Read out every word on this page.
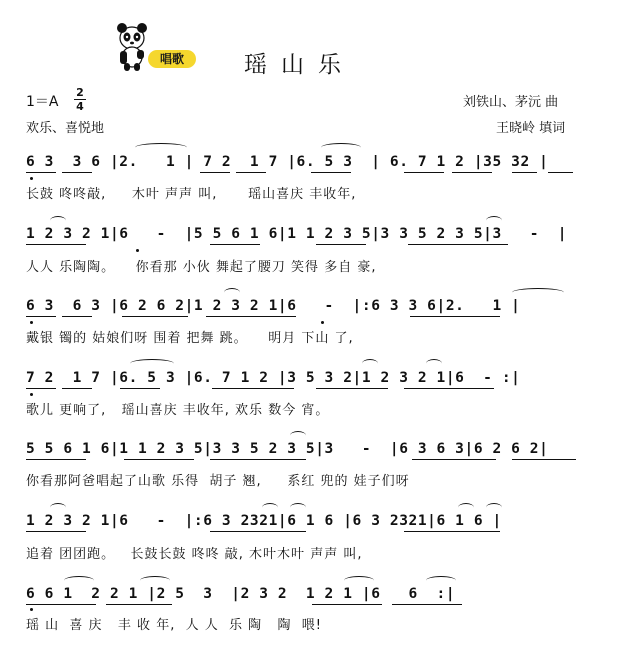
唱歌	瑶山乐
$1=A \frac{2}{4}$
欢乐、喜悦地
刘铁山、茅沅 曲
王晓岭 填词
6 3  3 6 |2.   1 | 7 2  1 7 |6. 5 3  | 6. 7 1 2 |35 32 |
长鼓 咚咚敲,     木叶 声声 叫,      瑶山喜庆 丰收年,
1 2 3 2 1|6   -  |5 5 6 1 6|1 1 2 3 5|3 3 5 2 3 5|3   -  |
人人 乐陶陶。    你看那 小伙 舞起了腰刀 笑得 多自 豪,
6 3  6 3 |6 2 6 2|1 2 3 2 1|6   -  |:6 3 3 6|2.   1 |
戴银 镯的 姑娘们呀 围着 把舞 跳。    明月 下山 了,
7 2  1 7 |6. 5 3 |6. 7 1 2 |3 5 3 2|1 2 3 2 1|6  - :|
歌儿 更响了,   瑶山喜庆 丰收年, 欢乐 数今 宵。
5 5 6 1 6|1 1 2 3 5|3 3 5 2 3 5|3   -  |6 3 6 3|6 2 6 2|
你看那阿爸唱起了山歌 乐得  胡子 翘,     系红 兜的 娃子们呀
1 2 3 2 1|6   -  |:6 3 2321|6 1 6 |6 3 2321|6 1 6 |
追着 团团跑。   长鼓长鼓 咚咚 敲, 木叶木叶 声声 叫,
6 6 1  2 2 1 |2 5  3  |2 3 2  1 2 1 |6   6  :|
瑶 山  喜 庆   丰 收 年,  人 人  乐 陶   陶  喂!
